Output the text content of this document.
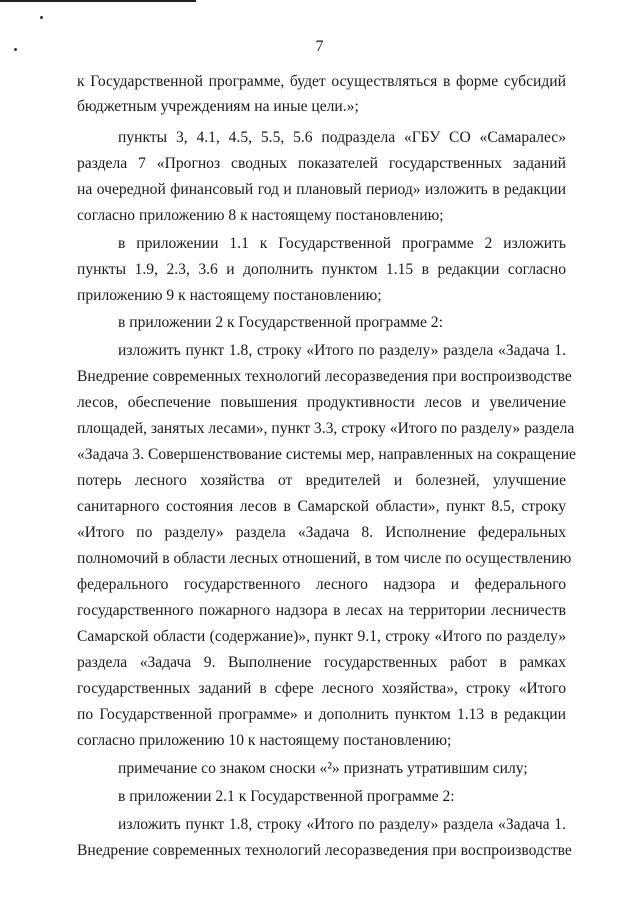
7
к Государственной программе, будет осуществляться в форме субсидий
бюджетным учреждениям на иные цели.»;
пункты 3, 4.1, 4.5, 5.5, 5.6 подраздела «ГБУ СО «Самаралес»
раздела 7 «Прогноз сводных показателей государственных заданий
на очередной финансовый год и плановый период» изложить в редакции
согласно приложению 8 к настоящему постановлению;
в приложении 1.1 к Государственной программе 2 изложить
пункты 1.9, 2.3, 3.6 и дополнить пунктом 1.15 в редакции согласно
приложению 9 к настоящему постановлению;
в приложении 2 к Государственной программе 2:
изложить пункт 1.8, строку «Итого по разделу» раздела «Задача 1.
Внедрение современных технологий лесоразведения при воспроизводстве
лесов, обеспечение повышения продуктивности лесов и увеличение
площадей, занятых лесами», пункт 3.3, строку «Итого по разделу» раздела
«Задача 3. Совершенствование системы мер, направленных на сокращение
потерь лесного хозяйства от вредителей и болезней, улучшение
санитарного состояния лесов в Самарской области», пункт 8.5, строку
«Итого по разделу» раздела «Задача 8. Исполнение федеральных
полномочий в области лесных отношений, в том числе по осуществлению
федерального государственного лесного надзора и федерального
государственного пожарного надзора в лесах на территории лесничеств
Самарской области (содержание)», пункт 9.1, строку «Итого по разделу»
раздела «Задача 9. Выполнение государственных работ в рамках
государственных заданий в сфере лесного хозяйства», строку «Итого
по Государственной программе» и дополнить пунктом 1.13 в редакции
согласно приложению 10 к настоящему постановлению;
примечание со знаком сноски «²» признать утратившим силу;
в приложении 2.1 к Государственной программе 2:
изложить пункт 1.8, строку «Итого по разделу» раздела «Задача 1.
Внедрение современных технологий лесоразведения при воспроизводстве
